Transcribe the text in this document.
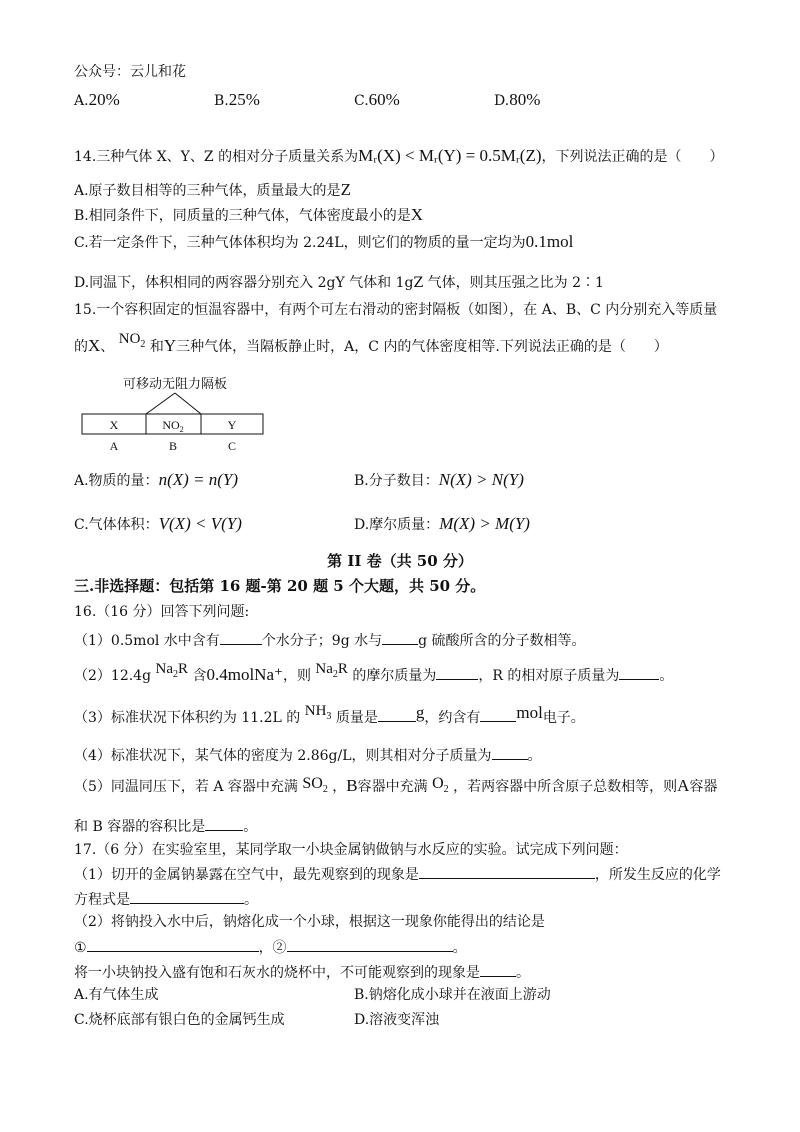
公众号：云儿和花
A.20%	B.25%	C.60%	D.80%
14.三种气体 X、Y、Z 的相对分子质量关系为Mᵣ(X) < Mᵣ(Y) = 0.5Mᵣ(Z)，下列说法正确的是（　　）
A.原子数目相等的三种气体，质量最大的是Z
B.相同条件下，同质量的三种气体，气体密度最小的是X
C.若一定条件下，三种气体体积均为 2.24L，则它们的物质的量一定均为0.1mol
D.同温下，体积相同的两容器分别充入 2gY 气体和 1gZ 气体，则其压强之比为 2∶1
15.一个容积固定的恒温容器中，有两个可左右滑动的密封隔板（如图），在 A、B、C 内分别充入等质量
的X、 $NO_2$ 和Y三种气体，当隔板静止时，A，C 内的气体密度相等.下列说法正确的是（　　）
可移动无阻力隔板
X	$NO_2$	Y
A	B	C
A.物质的量：n(X) = n(Y)	B.分子数目：N(X) > N(Y)
C.气体体积：V(X) < V(Y)	D.摩尔质量：M(X) > M(Y)
第 II 卷（共 50 分）
三.非选择题：包括第 16 题-第 20 题 5 个大题，共 50 分。
16.（16 分）回答下列问题:
（1）0.5mol 水中含有	个水分子；9g 水与	g 硫酸所含的分子数相等。
（2）12.4g $Na_2R$ 含0.4molNa⁺，则 $Na_2R$ 的摩尔质量为	，R 的相对原子质量为	。
（3）标准状况下体积约为 11.2L 的 $NH_3$ 质量是 g，约含有 mol电子。
（4）标准状况下，某气体的密度为 2.86g/L，则其相对分子质量为	。
（5）同温同压下，若 A 容器中充满 $SO_2$ ，B容器中充满 $O_2$ ，若两容器中所含原子总数相等，则A容器
和 B 容器的容积比是	。
17.（6 分）在实验室里，某同学取一小块金属钠做钠与水反应的实验。试完成下列问题：
（1）切开的金属钠暴露在空气中，最先观察到的现象是	，所发生反应的化学
方程式是	。
（2）将钠投入水中后，钠熔化成一个小球，根据这一现象你能得出的结论是
①	，②	。
将一小块钠投入盛有饱和石灰水的烧杯中，不可能观察到的现象是	。
A.有气体生成	B.钠熔化成小球并在液面上游动
C.烧杯底部有银白色的金属钙生成	D.溶液变浑浊
